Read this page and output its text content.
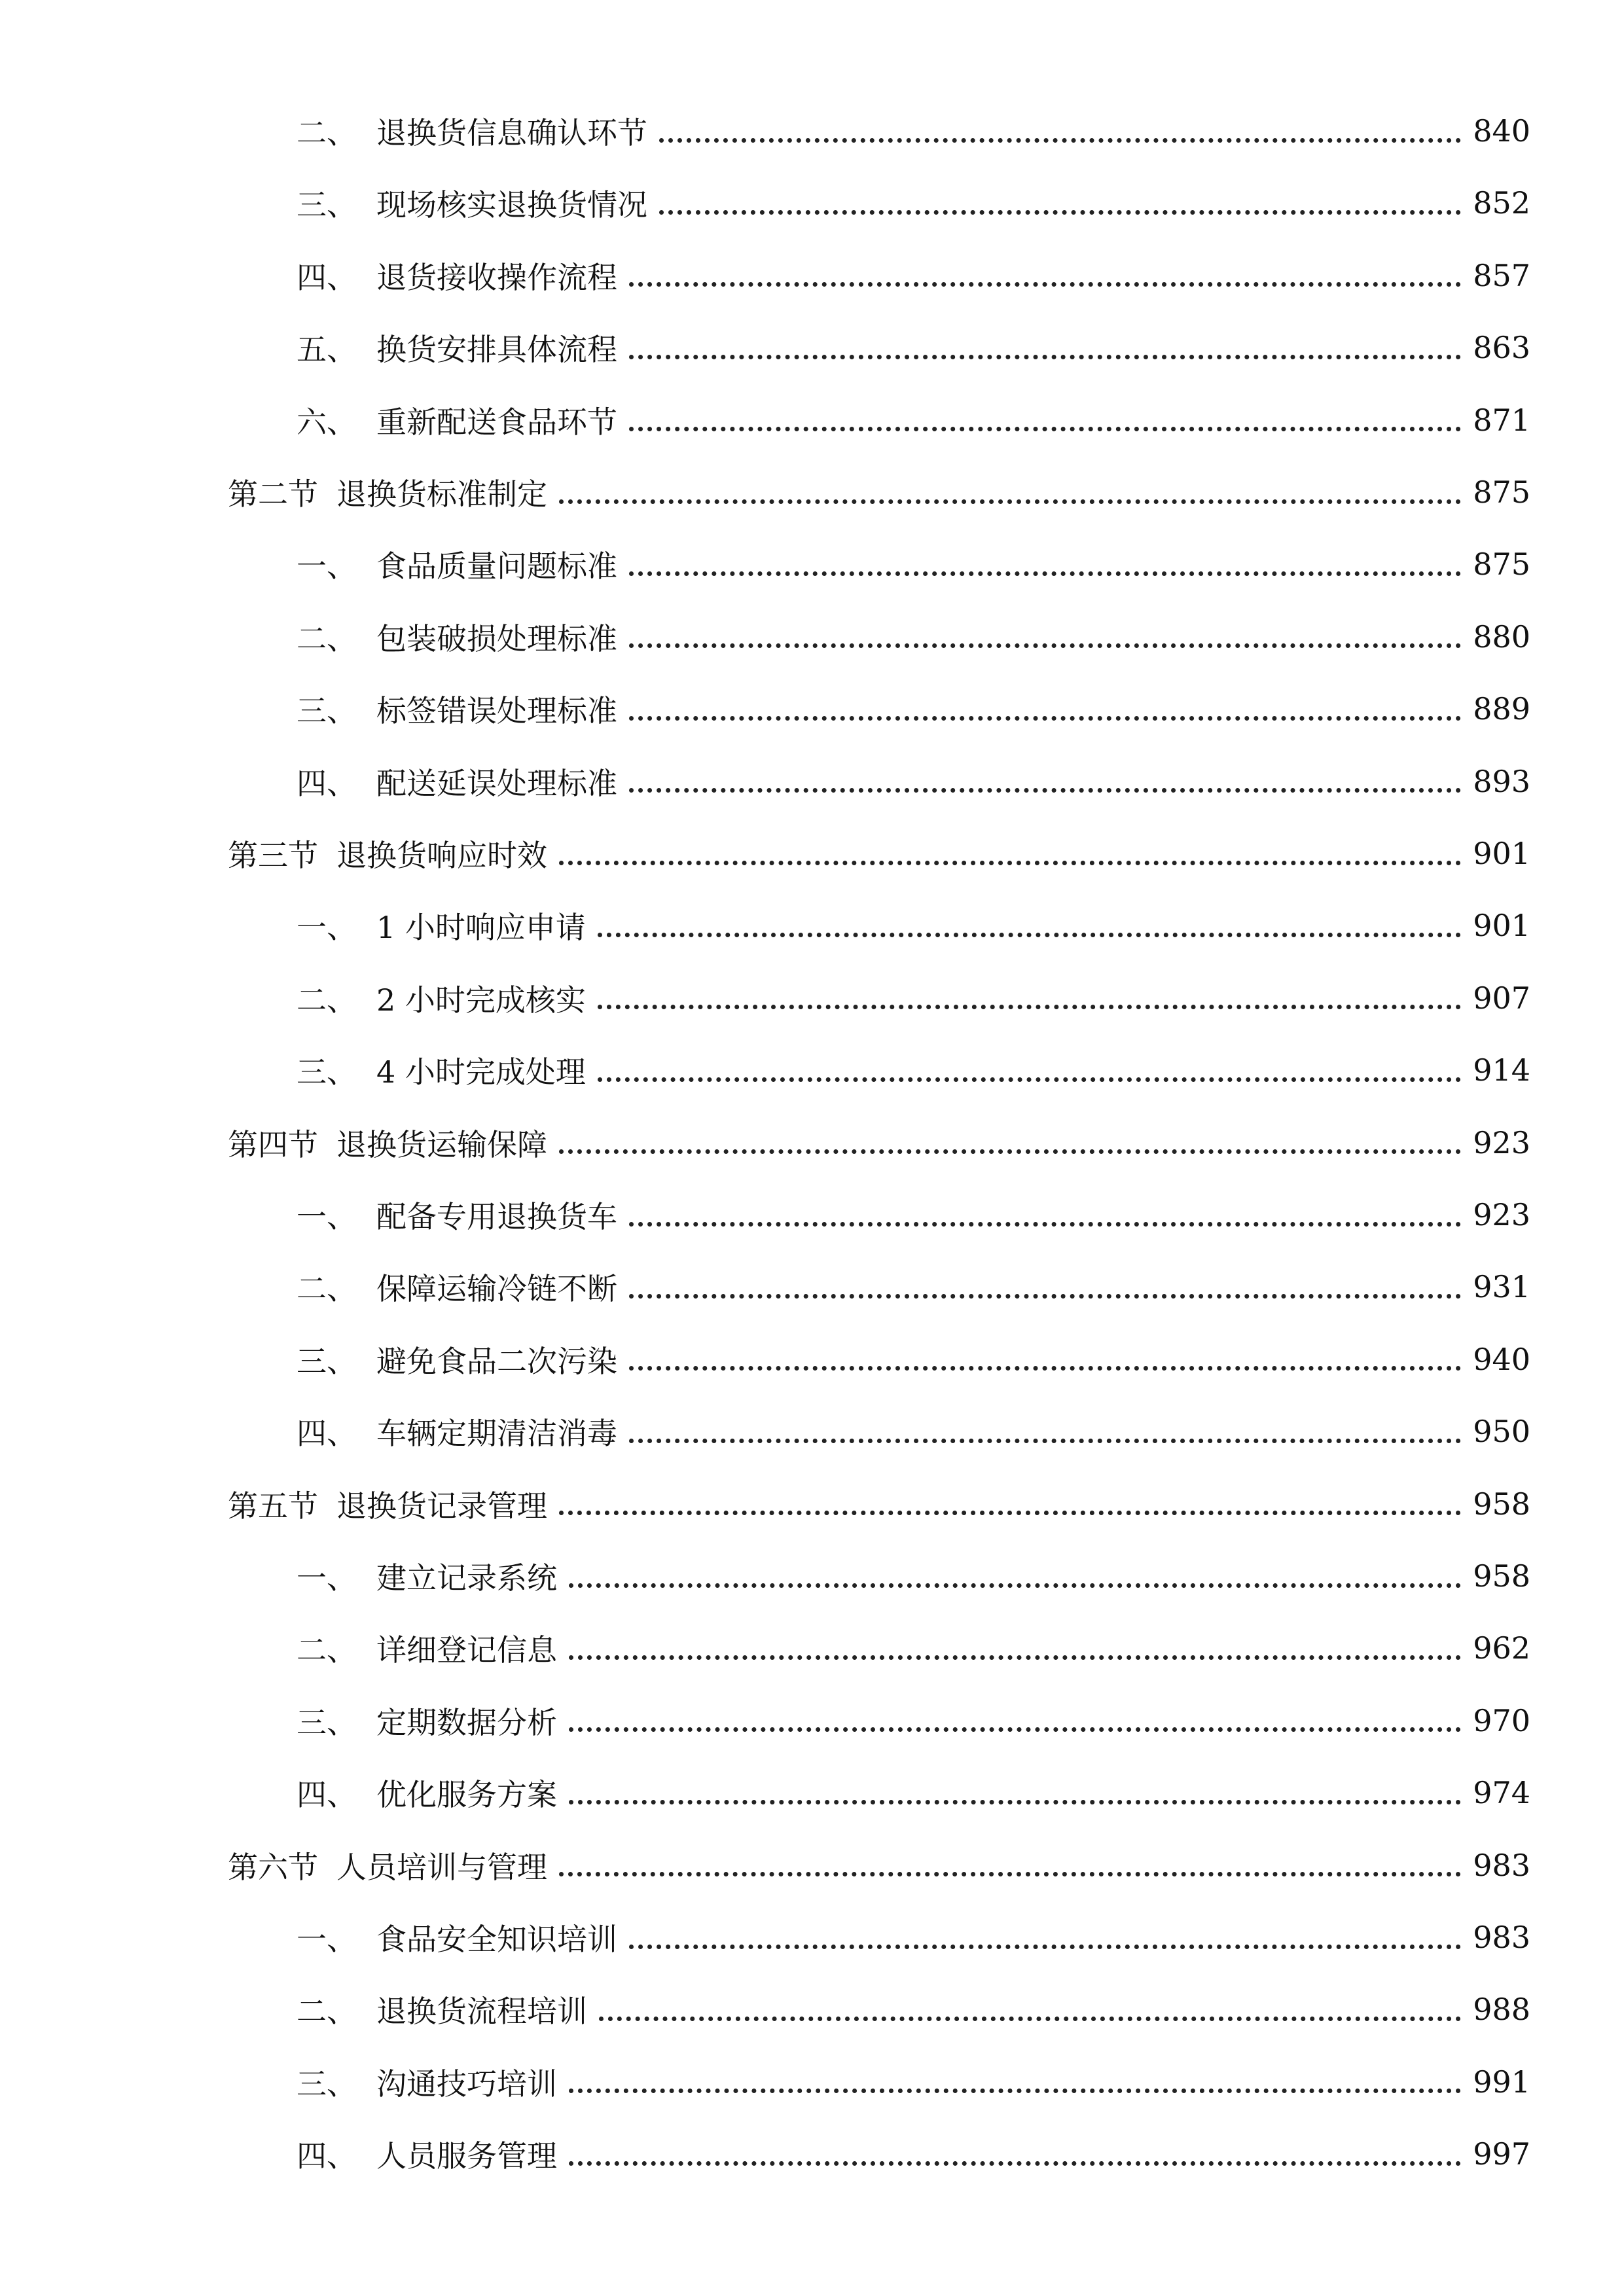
二、 退换货信息确认环节	840
三、 现场核实退换货情况	852
四、 退货接收操作流程	857
五、 换货安排具体流程	863
六、 重新配送食品环节	871
第二节 退换货标准制定	875
一、 食品质量问题标准	875
二、 包装破损处理标准	880
三、 标签错误处理标准	889
四、 配送延误处理标准	893
第三节 退换货响应时效	901
一、 1 小时响应申请	901
二、 2 小时完成核实	907
三、 4 小时完成处理	914
第四节 退换货运输保障	923
一、 配备专用退换货车	923
二、 保障运输冷链不断	931
三、 避免食品二次污染	940
四、 车辆定期清洁消毒	950
第五节 退换货记录管理	958
一、 建立记录系统	958
二、 详细登记信息	962
三、 定期数据分析	970
四、 优化服务方案	974
第六节 人员培训与管理	983
一、 食品安全知识培训	983
二、 退换货流程培训	988
三、 沟通技巧培训	991
四、 人员服务管理	997
